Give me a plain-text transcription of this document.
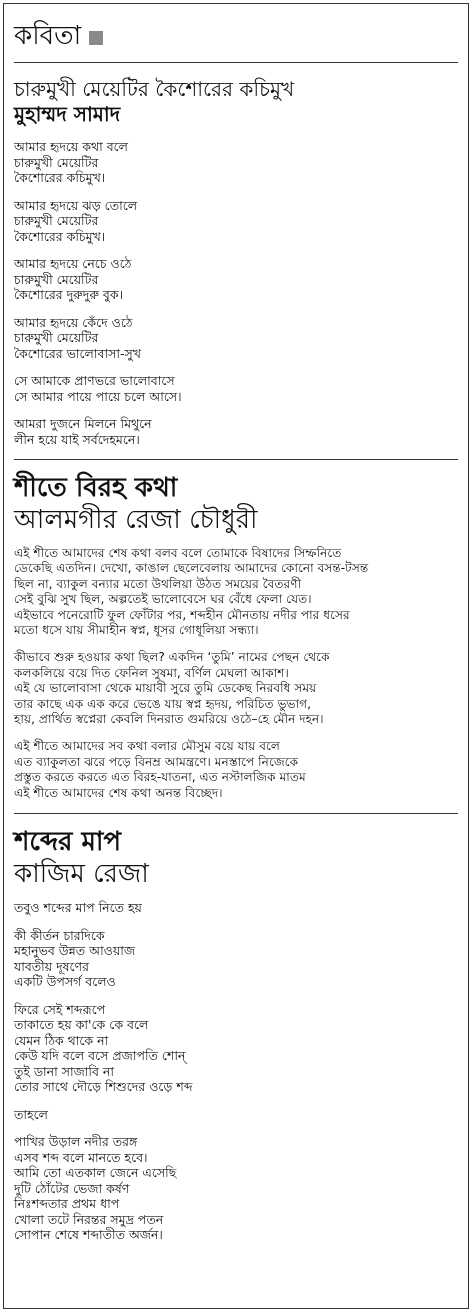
কবিতা
চারুমুখী মেয়েটির কৈশোরের কচিমুখ
মুহাম্মদ সামাদ
আমার হৃদয়ে কথা বলে
চারুমুখী মেয়েটির
কৈশোরের কচিমুখ।
আমার হৃদয়ে ঝড় তোলে
চারুমুখী মেয়েটির
কৈশোরের কচিমুখ।
আমার হৃদয়ে নেচে ওঠে
চারুমুখী মেয়েটির
কৈশোরের দুরুদুরু বুক।
আমার হৃদয়ে কেঁদে ওঠে
চারুমুখী মেয়েটির
কৈশোরের ভালোবাসা-সুখ
সে আমাকে প্রাণভরে ভালোবাসে
সে আমার পায়ে পায়ে চলে আসে।
আমরা দুজনে মিলনে মিথুনে
লীন হয়ে যাই সর্বদেহমনে।
শীতে বিরহ কথা
আলমগীর রেজা চৌধুরী
এই শীতে আমাদের শেষ কথা বলব বলে তোমাকে বিষাদের সিম্ফনিতে
ডেকেছি এতদিন। দেখো, কাঙাল ছেলেবেলায় আমাদের কোনো বসন্ত-টসন্ত
ছিল না, ব্যাকুল বন্যার মতো উথলিয়া উঠত সময়ের বৈতরণী
সেই বুঝি সুখ ছিল, অল্পতেই ভালোবেসে ঘর বেঁধে ফেলা যেত।
এইভাবে পনেরোটি ফুল ফোঁটার পর, শব্দহীন মৌনতায় নদীর পার ধসের
মতো ধসে যায় সীমাহীন স্বপ্ন, ধূসর গোধূলিয়া সন্ধ্যা।
কীভাবে শুরু হওয়ার কথা ছিল? একদিন ‘তুমি’ নামের পেছন থেকে
কলকলিয়ে বয়ে দিত ফেনিল সুষমা, বর্ণিল মেঘলা আকাশ।
এই যে ভালোবাসা থেকে মায়াবী সুরে তুমি ডেকেছ নিরবধি সময়
তার কাছে এক এক করে ভেঙে যায় স্বপ্ন হৃদয়, পরিচিত ভুভাগ,
হায়, প্রার্থিত স্বপ্নেরা কেবলি দিনরাত গুমরিয়ে ওঠে–হে মৌন দহন।
এই শীতে আমাদের সব কথা বলার মৌসুম বয়ে যায় বলে
এত ব্যাকুলতা ঝরে পড়ে বিনম্র আমন্ত্রণে। মনস্তাপে নিজেকে
প্রস্তুত করতে করতে এত বিরহ-যাতনা, এত নস্টালজিক মাতম
এই শীতে আমাদের শেষ কথা অনন্ত বিচ্ছেদ।
শব্দের মাপ
কাজিম রেজা
তবুও শব্দের মাপ নিতে হয়
কী কীর্তন চারদিকে
মহানুভব উন্নত আওয়াজ
যাবতীয় দূষণের
একটি উপসর্গ বলেও
ফিরে সেই শব্দরূপে
তাকাতে হয় কা'কে কে বলে
যেমন ঠিক থাকে না
কেউ যদি বলে বসে প্রজাপতি শোন্‌
তুই ডানা সাজাবি না
তোর সাথে দৌড়ে শিশুদের ওড়ে শব্দ
তাহলে
পাখির উড়াল নদীর তরঙ্গ
এসব শব্দ বলে মানতে হবে।
আমি তো এতকাল জেনে এসেছি
দুটি ঠোঁটের ভেজা কর্ষণ
নিঃশব্দতার প্রথম ধাপ
খোলা তটে নিরন্তর সমুদ্র পতন
সোপান শেষে শব্দাতীত অর্জন।
